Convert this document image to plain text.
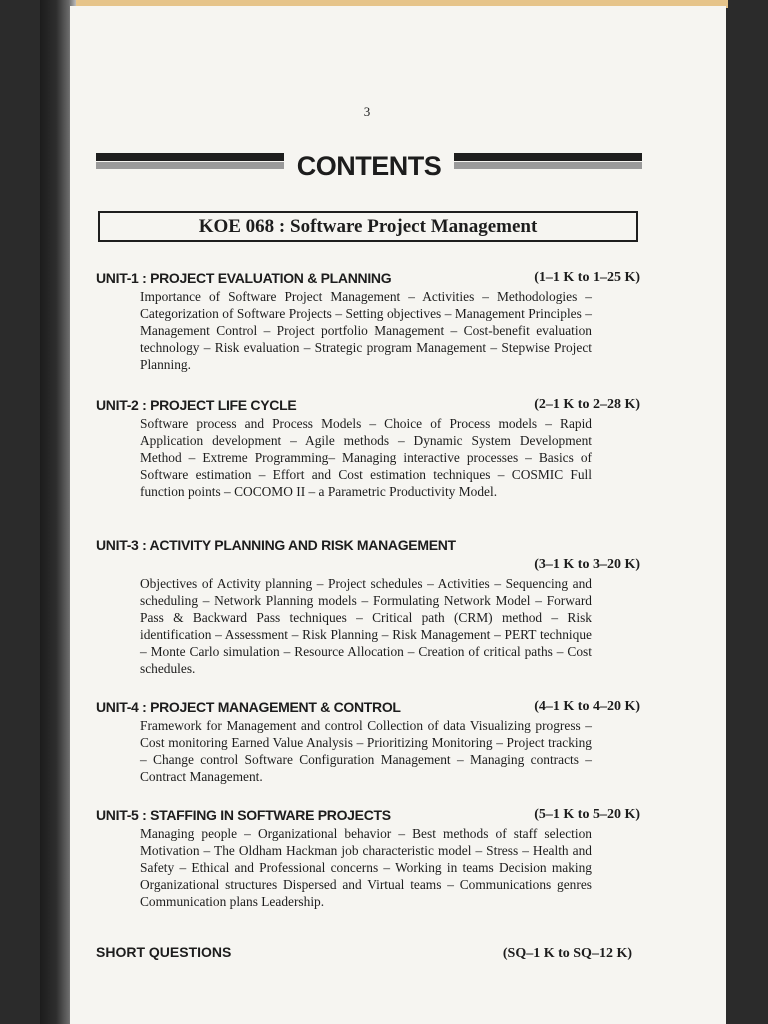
3
CONTENTS
KOE 068 : Software Project Management
UNIT-1 : PROJECT EVALUATION & PLANNING	(1–1 K to 1–25 K)
Importance of Software Project Management – Activities – Methodologies – Categorization of Software Projects – Setting objectives – Management Principles – Management Control – Project portfolio Management – Cost-benefit evaluation technology – Risk evaluation – Strategic program Management – Stepwise Project Planning.
UNIT-2 : PROJECT LIFE CYCLE	(2–1 K to 2–28 K)
Software process and Process Models – Choice of Process models – Rapid Application development – Agile methods – Dynamic System Development Method – Extreme Programming– Managing interactive processes – Basics of Software estimation – Effort and Cost estimation techniques – COSMIC Full function points – COCOMO II – a Parametric Productivity Model.
UNIT-3 : ACTIVITY PLANNING AND RISK MANAGEMENT
(3–1 K to 3–20 K)
Objectives of Activity planning – Project schedules – Activities – Sequencing and scheduling – Network Planning models – Formulating Network Model – Forward Pass & Backward Pass techniques – Critical path (CRM) method – Risk identification – Assessment – Risk Planning – Risk Management – PERT technique – Monte Carlo simulation – Resource Allocation – Creation of critical paths – Cost schedules.
UNIT-4 : PROJECT MANAGEMENT & CONTROL	(4–1 K to 4–20 K)
Framework for Management and control Collection of data Visualizing progress – Cost monitoring Earned Value Analysis – Prioritizing Monitoring – Project tracking – Change control Software Configuration Management – Managing contracts – Contract Management.
UNIT-5 : STAFFING IN SOFTWARE PROJECTS	(5–1 K to 5–20 K)
Managing people – Organizational behavior – Best methods of staff selection Motivation – The Oldham Hackman job characteristic model – Stress – Health and Safety – Ethical and Professional concerns – Working in teams Decision making Organizational structures Dispersed and Virtual teams – Communications genres Communication plans Leadership.
SHORT QUESTIONS	(SQ–1 K to SQ–12 K)
